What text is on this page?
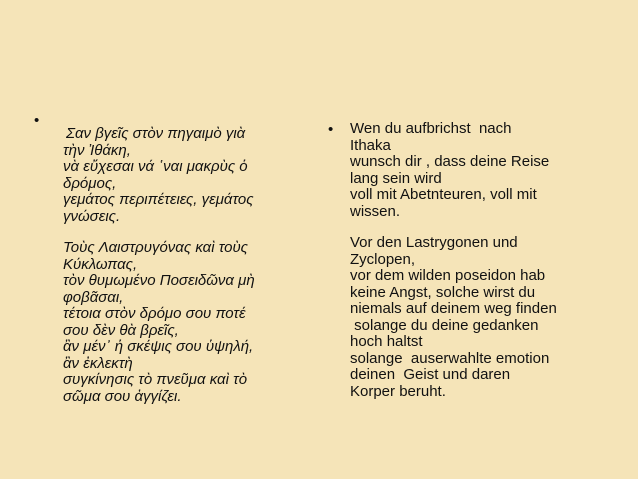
•
Σαν βγεῖς στὸν πηγαιμὸ γιὰ
τὴν Ἰθάκη,
νὰ εὔχεσαι νά ῾ναι μακρὺς ὁ
δρόμος,
γεμάτος περιπέτειες, γεμάτος
γνώσεις.
Τοὺς Λαιστρυγόνας καὶ τοὺς
Κύκλωπας,
τὸν θυμωμένο Ποσειδῶνα μὴ
φοβᾶσαι,
τέτοια στὸν δρόμο σου ποτέ
σου δὲν θὰ βρεῖς,
ἂν μέν᾿ ἡ σκέψις σου ὑψηλή,
ἂν ἐκλεκτὴ
συγκίνησις τὸ πνεῦμα καὶ τὸ
σῶμα σου ἀγγίζει.
• Wen du aufbrichst  nach
Ithaka
wunsch dir , dass deine Reise
lang sein wird
voll mit Abetnteuren, voll mit
wissen.
Vor den Lastrygonen und
Zyclopen,
vor dem wilden poseidon hab
keine Angst, solche wirst du
niemals auf deinem weg finden
solange du deine gedanken
hoch haltst
solange  auserwahlte emotion
deinen  Geist und daren
Korper beruht.
